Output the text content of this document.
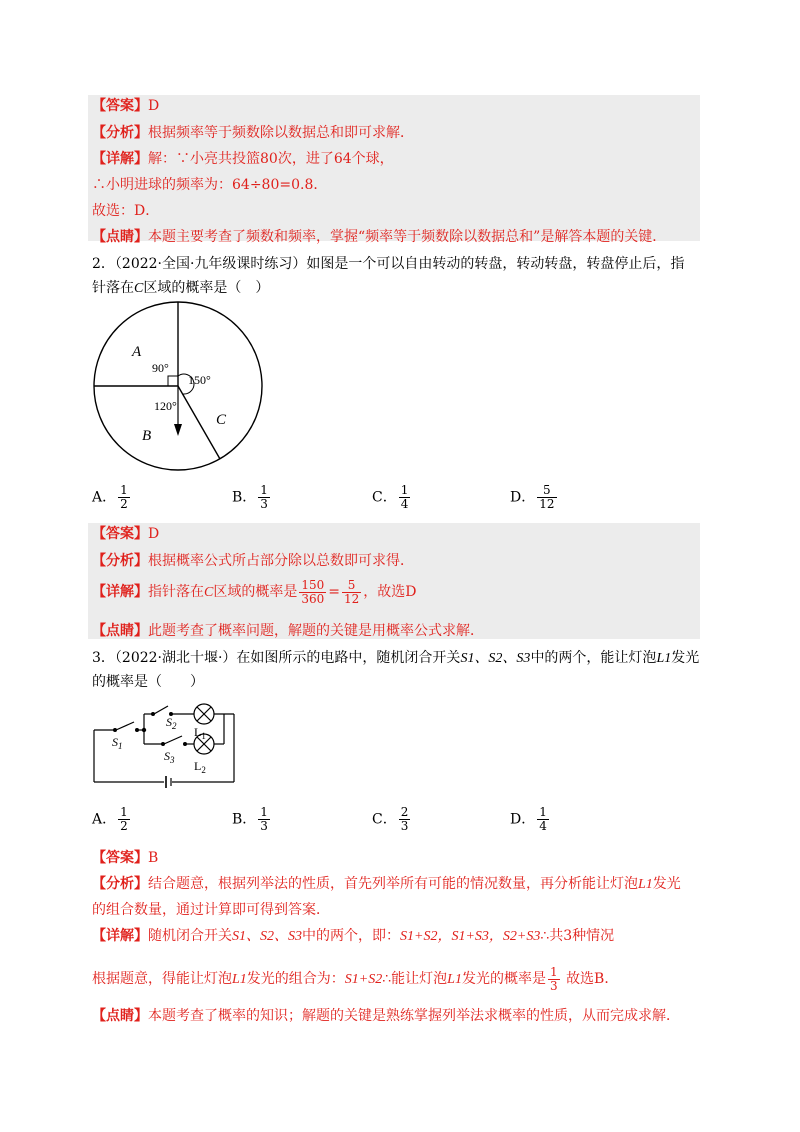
【答案】D
【分析】根据频率等于频数除以数据总和即可求解．
【详解】解：∵小亮共投篮80次，进了64个球，
∴小明进球的频率为：64÷80=0.8．
故选：D．
【点睛】本题主要考查了频数和频率，掌握“频率等于频数除以数据总和”是解答本题的关键．
2．（2022·全国·九年级课时练习）如图是一个可以自由转动的转盘，转动转盘，转盘停止后，指
针落在C区域的概率是（　）
A
90°
150°
120°
C
B
A． $\frac{1}{2}$	B． $\frac{1}{3}$	C． $\frac{1}{4}$	D． $\frac{5}{12}$
【答案】D
【分析】根据概率公式所占部分除以总数即可求得．
【详解】指针落在C区域的概率是 $\frac{150}{360} = \frac{5}{12}$ ，故选D
【点睛】此题考查了概率问题，解题的关键是用概率公式求解．
3．（2022·湖北十堰·）在如图所示的电路中，随机闭合开关S1、S2、S3中的两个，能让灯泡L1发光
的概率是（　　）
$S_2$
$S_1$
$L_1$
$S_3$ $L_2$
A． $\frac{1}{2}$	B． $\frac{1}{3}$	C． $\frac{2}{3}$	D． $\frac{1}{4}$
【答案】B
【分析】结合题意，根据列举法的性质，首先列举所有可能的情况数量，再分析能让灯泡L1发光
的组合数量，通过计算即可得到答案．
【详解】随机闭合开关S1、S2、S3中的两个，即：S1+S2，S1+S3，S2+S3∴共3种情况
根据题意，得能让灯泡L1发光的组合为：S1+S2∴能让灯泡L1发光的概率是 $\frac{1}{3}$ 故选B．
【点睛】本题考查了概率的知识；解题的关键是熟练掌握列举法求概率的性质，从而完成求解．
